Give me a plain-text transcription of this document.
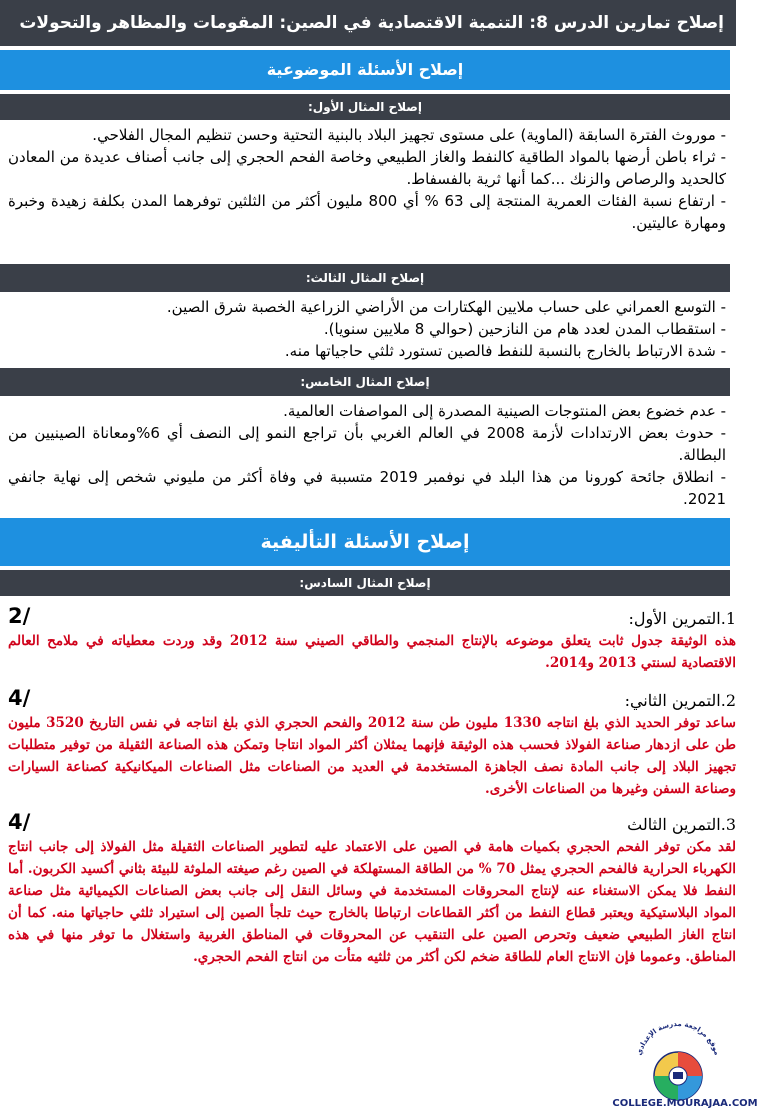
إصلاح تمارين الدرس 8: التنمية الاقتصادية في الصين: المقومات والمظاهر والتحولات
إصلاح الأسئلة الموضوعية
إصلاح المثال الأول:

- موروث الفترة السابقة (الماوية) على مستوى تجهيز البلاد بالبنية التحتية وحسن تنظيم المجال الفلاحي.

- ثراء باطن أرضها بالمواد الطاقية كالنفط والغاز الطبيعي وخاصة الفحم الحجري إلى جانب أصناف عديدة من المعادن كالحديد والرصاص والزنك ...كما أنها ثرية بالفسفاط.

- ارتفاع نسبة الفئات العمرية المنتجة إلى 63 % أي 800 مليون أكثر من الثلثين توفرهما المدن بكلفة زهيدة وخبرة ومهارة عاليتين.

إصلاح المثال الثالث:

- التوسع العمراني على حساب ملايين الهكتارات من الأراضي الزراعية الخصبة شرق الصين.

- استقطاب المدن لعدد هام من النازحين (حوالي 8 ملايين سنويا).

- شدة الارتباط بالخارج بالنسبة للنفط فالصين تستورد ثلثي حاجياتها منه.

إصلاح المثال الخامس:

- عدم خضوع بعض المنتوجات الصينية المصدرة إلى المواصفات العالمية.

- حدوث بعض الارتدادات لأزمة 2008 في العالم الغربي بأن تراجع النمو إلى النصف أي 6%ومعاناة الصينيين من البطالة.

- انطلاق جائحة كورونا من هذا البلد في نوفمبر 2019 متسببة في وفاة أكثر من مليوني شخص إلى نهاية جانفي 2021.

إصلاح الأسئلة التأليفية
إصلاح المثال السادس:
1.التمرين الأول:
2/

هذه الوثيقة جدول ثابت يتعلق موضوعه بالإنتاج المنجمي والطاقي الصيني سنة 2012 وقد وردت معطياته في ملامح العالم الاقتصادية لسنتي 2013 و2014.

2.التمرين الثاني:
4/

ساعد توفر الحديد الذي بلغ انتاجه 1330 مليون طن سنة 2012 والفحم الحجري الذي بلغ انتاجه في نفس التاريخ 3520 مليون طن على ازدهار صناعة الفولاذ فحسب هذه الوثيقة فإنهما يمثلان أكثر المواد انتاجا وتمكن هذه الصناعة الثقيلة من توفير متطلبات تجهيز البلاد إلى جانب المادة نصف الجاهزة المستخدمة في العديد من الصناعات مثل الصناعات الميكانيكية كصناعة السيارات وصناعة السفن وغيرها من الصناعات الأخرى.

3.التمرين الثالث
4/

لقد مكن توفر الفحم الحجري بكميات هامة في الصين على الاعتماد عليه لتطوير الصناعات الثقيلة مثل الفولاذ إلى جانب انتاج الكهرباء الحرارية فالفحم الحجري يمثل 70 % من الطاقة المستهلكة في الصين رغم صيغته الملوثة للبيئة بثاني أكسيد الكربون. أما النفط فلا يمكن الاستغناء عنه لإنتاج المحروقات المستخدمة في وسائل النقل إلى جانب بعض الصناعات الكيميائية مثل صناعة المواد البلاستيكية ويعتبر قطاع النفط من أكثر القطاعات ارتباطا بالخارج حيث تلجأ الصين إلى استيراد ثلثي حاجياتها منه. كما أن انتاج الغاز الطبيعي ضعيف وتحرص الصين على التنقيب عن المحروقات في المناطق الغربية واستغلال ما توفر منها في هذه المناطق. وعموما فإن الانتاج العام للطاقة ضخم لكن أكثر من ثلثيه متأت من انتاج الفحم الحجري.

موقع مراجعة مدرسة الإعدادي
COLLEGE.MOURAJAA.COM
